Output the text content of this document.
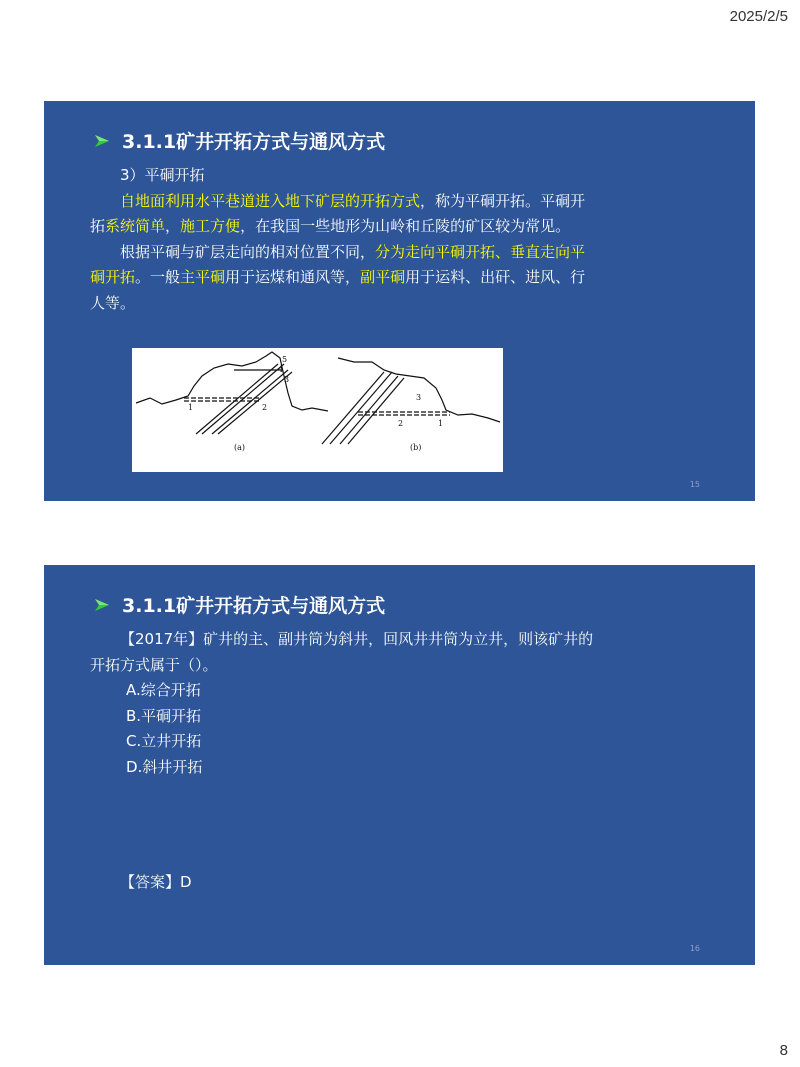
2025/2/5
3.1.1矿井开拓方式与通风方式

3）平硐开拓

自地面利用水平巷道进入地下矿层的开拓方式，称为平硐开拓。平硐开拓系统简单，施工方便，在我国一些地形为山岭和丘陵的矿区较为常见。

根据平硐与矿层走向的相对位置不同，分为走向平硐开拓、垂直走向平硐开拓。一般主平硐用于运煤和通风等，副平硐用于运料、出矸、进风、行人等。

1	2
3
4
5
(a)
1
2
3
(b)
15
3.1.1矿井开拓方式与通风方式

【2017年】矿井的主、副井筒为斜井，回风井井筒为立井，则该矿井的开拓方式属于（）。

A.综合开拓

B.平硐开拓

C.立井开拓

D.斜井开拓

【答案】D

16
8
